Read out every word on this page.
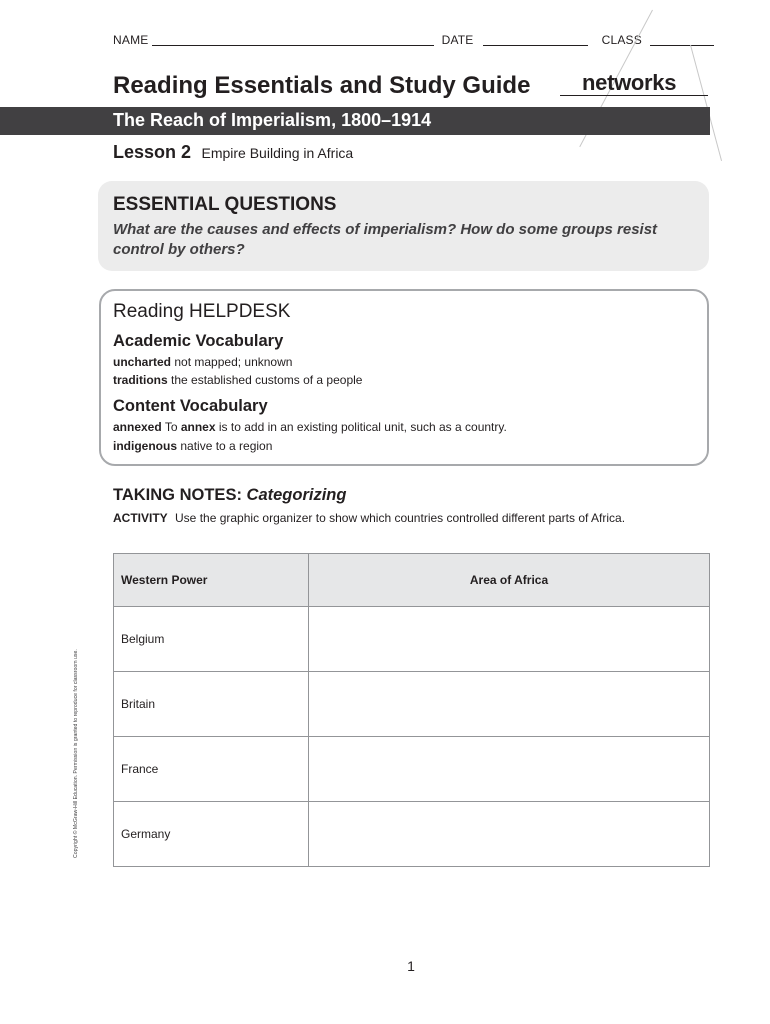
NAME	DATE	CLASS
Reading Essentials and Study Guide networks
The Reach of Imperialism, 1800–1914
Lesson 2 Empire Building in Africa
ESSENTIAL QUESTIONS
What are the causes and effects of imperialism? How do some groups resist control by others?
Reading HELPDESK
Academic Vocabulary
uncharted not mapped; unknown
traditions the established customs of a people
Content Vocabulary
annexed To annex is to add in an existing political unit, such as a country.
indigenous native to a region
TAKING NOTES: Categorizing
ACTIVITY Use the graphic organizer to show which countries controlled different parts of Africa.
Western Power	Area of Africa
Belgium	
Britain	
France	
Germany	
Copyright © McGraw-Hill Education. Permission is granted to reproduce for classroom use.
1
